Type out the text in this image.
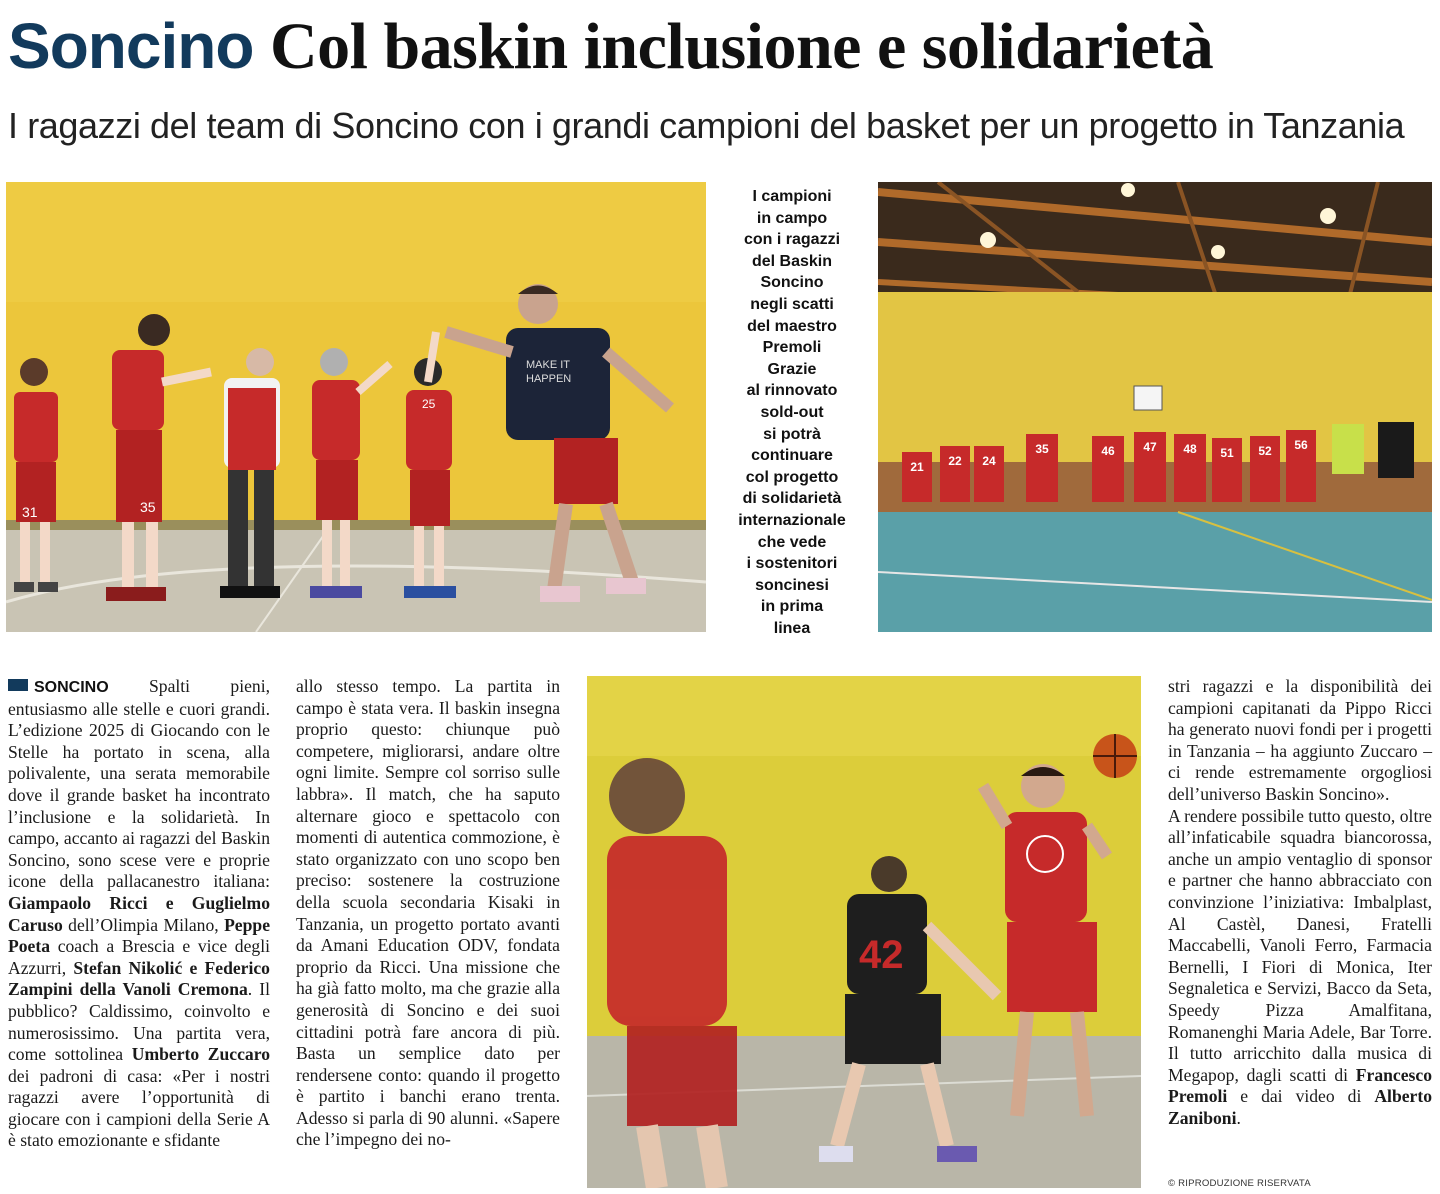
Soncino Col baskin inclusione e solidarietà
I ragazzi del team di Soncino con i grandi campioni del basket per un progetto in Tanzania
31	35
25
MAKE IT
HAPPEN
I campioni
in campo
con i ragazzi
del Baskin
Soncino
negli scatti
del maestro
Premoli
Grazie
al rinnovato
sold-out
si potrà
continuare
col progetto
di solidarietà
internazionale
che vede
i sostenitori
soncinesi
in prima
linea
21	22	24
35	46	47	48	51	52	56
42

SONCINO Spalti pieni, entusiasmo alle stelle e cuori grandi. L’edizione 2025 di Giocando con le Stelle ha portato in scena, alla polivalente, una serata memorabile dove il grande basket ha incontrato l’inclusione e la solidarietà. In campo, accanto ai ragazzi del Baskin Soncino, sono scese vere e proprie icone della pallacanestro italiana: Giampaolo Ricci e Guglielmo Caruso dell’Olimpia Milano, Peppe Poeta coach a Brescia e vice degli Azzurri, Stefan Nikolić e Federico Zampini della Vanoli Cremona. Il pubblico? Caldissimo, coinvolto e numerosissimo. Una partita vera, come sottolinea Umberto Zuccaro dei padroni di casa: «Per i nostri ragazzi avere l’opportunità di giocare con i campioni della Serie A è stato emozionante e sfidante

allo stesso tempo. La partita in campo è stata vera. Il baskin insegna proprio questo: chiunque può competere, migliorarsi, andare oltre ogni limite. Sempre col sorriso sulle labbra». Il match, che ha saputo alternare gioco e spettacolo con momenti di autentica commozione, è stato organizzato con uno scopo ben preciso: sostenere la costruzione della scuola secondaria Kisaki in Tanzania, un progetto portato avanti da Amani Education ODV, fondata proprio da Ricci. Una missione che ha già fatto molto, ma che grazie alla generosità di Soncino e dei suoi cittadini potrà fare ancora di più. Basta un semplice dato per rendersene conto: quando il progetto è partito i banchi erano trenta. Adesso si parla di 90 alunni. «Sapere che l’impegno dei no-

stri ragazzi e la disponibilità dei campioni capitanati da Pippo Ricci ha generato nuovi fondi per i progetti in Tanzania – ha aggiunto Zuccaro – ci rende estremamente orgogliosi dell’universo Baskin Soncino».

A rendere possibile tutto questo, oltre all’infaticabile squadra biancorossa, anche un ampio ventaglio di sponsor e partner che hanno abbracciato con convinzione l’iniziativa: Imbalplast, Al Castèl, Danesi, Fratelli Maccabelli, Vanoli Ferro, Farmacia Bernelli, I Fiori di Monica, Iter Segnaletica e Servizi, Bacco da Seta, Speedy Pizza Amalfitana, Romanenghi Maria Adele, Bar Torre. Il tutto arricchito dalla musica di Megapop, dagli scatti di Francesco Premoli e dai video di Alberto Zaniboni.

© RIPRODUZIONE RISERVATA
